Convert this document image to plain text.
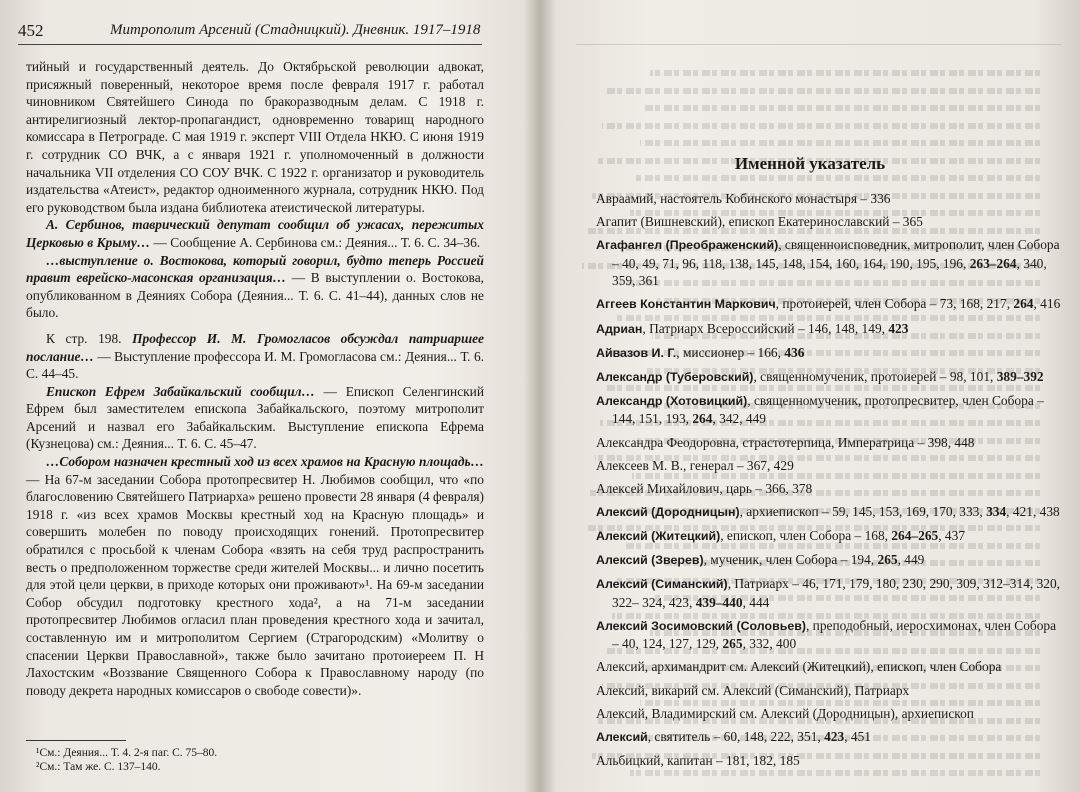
452	Митрополит Арсений (Стадницкий). Дневник. 1917–1918

тийный и государственный деятель. До Октябрьской революции адвокат, присяжный поверенный, некоторое время после февраля 1917 г. работал чиновником Святейшего Синода по бракоразводным делам. С 1918 г. антирелигиозный лектор-пропагандист, одновременно товарищ народного комиссара в Петрограде. С мая 1919 г. эксперт VIII Отдела НКЮ. С июня 1919 г. сотрудник СО ВЧК, а с января 1921 г. уполномоченный в должности начальника VII отделения СО СОУ ВЧК. С 1922 г. организатор и руководитель издательства «Атеист», редактор одноименного журнала, сотрудник НКЮ. Под его руководством была издана библиотека атеистической литературы.

А. Сербинов, таврический депутат сообщил об ужасах, пережитых Церковью в Крыму… — Сообщение А. Сербинова см.: Деяния... Т. 6. С. 34–36.

…выступление о. Востокова, который говорил, будто теперь Россией правит еврейско-масонская организация… — В выступлении о. Востокова, опубликованном в Деяниях Собора (Деяния... Т. 6. С. 41–44), данных слов не было.

К стр. 198. Профессор И. М. Громогласов обсуждал патриаршее послание… — Выступление профессора И. М. Громогласова см.: Деяния... Т. 6. С. 44–45.

Епископ Ефрем Забайкальский сообщил… — Епископ Селенгинский Ефрем был заместителем епископа Забайкальского, поэтому митрополит Арсений и назвал его Забайкальским. Выступление епископа Ефрема (Кузнецова) см.: Деяния... Т. 6. С. 45–47.

…Собором назначен крестный ход из всех храмов на Красную площадь… — На 67-м заседании Собора протопресвитер Н. Любимов сообщил, что «по благословению Святейшего Патриарха» решено провести 28 января (4 февраля) 1918 г. «из всех храмов Москвы крестный ход на Красную площадь» и совершить молебен по поводу происходящих гонений. Протопресвитер обратился с просьбой к членам Собора «взять на себя труд распространить весть о предположенном торжестве среди жителей Москвы... и лично посетить для этой цели церкви, в приходе которых они проживают»¹. На 69-м заседании Собор обсудил подготовку крестного хода², а на 71-м заседании протопресвитер Любимов огласил план проведения крестного хода и зачитал, составленную им и митрополитом Сергием (Страгородским) «Молитву о спасении Церкви Православной», также было зачитано протоиереем П. Н Лахостским «Воззвание Священного Собора к Православному народу (по поводу декрета народных комиссаров о свободе совести)».

¹См.: Деяния... Т. 4. 2-я паг. С. 75–80.
²См.: Там же. С. 137–140.
Именной указатель
Авраамий, настоятель Кобинского монастыря – 336
Агапит (Вишневский), епископ Екатеринославский – 365
Агафангел (Преображенский), священноисповедник, митрополит, член Собора – 40, 49, 71, 96, 118, 138, 145, 148, 154, 160, 164, 190, 195, 196, 263–264, 340, 359, 361
Аггеев Константин Маркович, протоиерей, член Собора – 73, 168, 217, 264, 416
Адриан, Патриарх Всероссийский – 146, 148, 149, 423
Айвазов И. Г., миссионер – 166, 436
Александр (Туберовский), священномученик, протоиерей – 98, 101, 389–392
Александр (Хотовицкий), священномученик, протопресвитер, член Собора – 144, 151, 193, 264, 342, 449
Александра Феодоровна, страстотерпица, Императрица – 398, 448
Алексеев М. В., генерал – 367, 429
Алексей Михайлович, царь – 366, 378
Алексий (Дородницын), архиепископ – 59, 145, 153, 169, 170, 333, 334, 421, 438
Алексий (Житецкий), епископ, член Собора – 168, 264–265, 437
Алексий (Зверев), мученик, член Собора – 194, 265, 449
Алексий (Симанский), Патриарх – 46, 171, 179, 180, 230, 290, 309, 312–314, 320, 322– 324, 423, 439–440, 444
Алексий Зосимовский (Соловьев), преподобный, иеросхимонах, член Собора – 40, 124, 127, 129, 265, 332, 400
Алексий, архимандрит см. Алексий (Житецкий), епископ, член Собора
Алексий, викарий см. Алексий (Симанский), Патриарх
Алексий, Владимирский см. Алексий (Дородницын), архиепископ
Алексий, святитель – 60, 148, 222, 351, 423, 451
Альбицкий, капитан – 181, 182, 185
